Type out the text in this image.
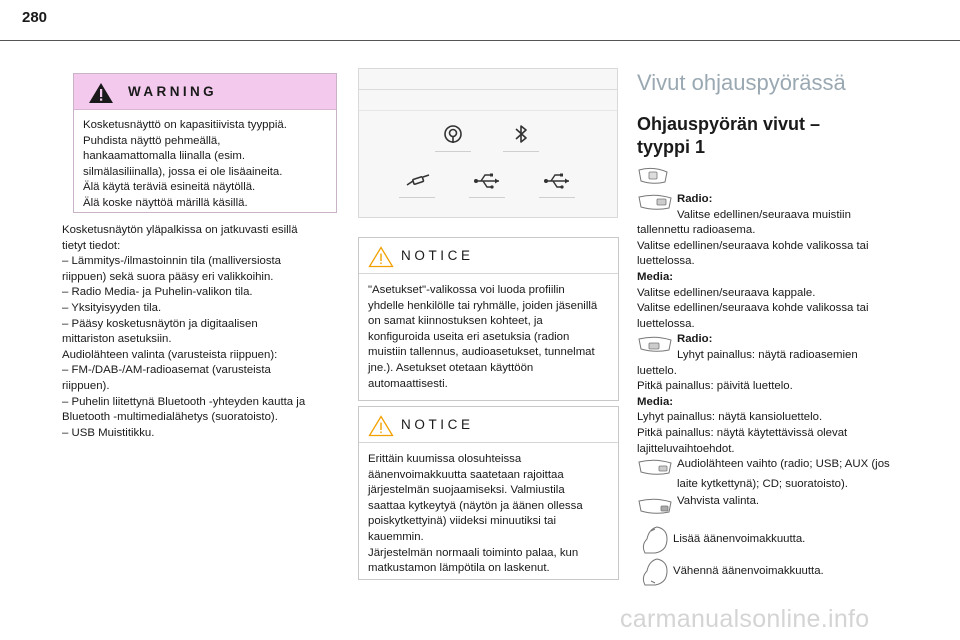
280
WARNING
Kosketusnäyttö on kapasitiivista tyyppiä.
Puhdista näyttö pehmeällä,
hankaamattomalla liinalla (esim.
silmälasiliinalla), jossa ei ole lisäaineita.
Älä käytä teräviä esineitä näytöllä.
Älä koske näyttöä märillä käsillä.
Kosketusnäytön yläpalkissa on jatkuvasti esillä
tietyt tiedot:
– Lämmitys-/ilmastoinnin tila (malliversiosta
riippuen) sekä suora pääsy eri valikkoihin.
– Radio Media- ja Puhelin-valikon tila.
– Yksityisyyden tila.
– Pääsy kosketusnäytön ja digitaalisen
mittariston asetuksiin.
Audiolähteen valinta (varusteista riippuen):
– FM-/DAB-/AM-radioasemat (varusteista
riippuen).
– Puhelin liitettynä Bluetooth -yhteyden kautta ja
Bluetooth -multimedialähetys (suoratoisto).
– USB Muistitikku.
NOTICE
"Asetukset"-valikossa voi luoda profiilin
yhdelle henkilölle tai ryhmälle, joiden jäsenillä
on samat kiinnostuksen kohteet, ja
konfiguroida useita eri asetuksia (radion
muistiin tallennus, audioasetukset, tunnelmat
jne.). Asetukset otetaan käyttöön
automaattisesti.
NOTICE
Erittäin kuumissa olosuhteissa
äänenvoimakkuutta saatetaan rajoittaa
järjestelmän suojaamiseksi. Valmiustila
saattaa kytkeytyä (näytön ja äänen ollessa
poiskytkettyinä) viideksi minuutiksi tai
kauemmin.
Järjestelmän normaali toiminto palaa, kun
matkustamon lämpötila on laskenut.
Vivut ohjauspyörässä
Ohjauspyörän vivut –
tyyppi 1

Radio:

Valitse edellinen/seuraava muistiin

tallennettu radioasema.

Valitse edellinen/seuraava kohde valikossa tai

luettelossa.

Media:

Valitse edellinen/seuraava kappale.

Valitse edellinen/seuraava kohde valikossa tai

luettelossa.

Radio:

Lyhyt painallus: näytä radioasemien

luettelo.

Pitkä painallus: päivitä luettelo.

Media:

Lyhyt painallus: näytä kansioluettelo.

Pitkä painallus: näytä käytettävissä olevat

lajitteluvaihtoehdot.

Audiolähteen vaihto (radio; USB; AUX (jos

laite kytkettynä); CD; suoratoisto).

Vahvista valinta.

Lisää äänenvoimakkuutta.

Vähennä äänenvoimakkuutta.

carmanualsonline.info
